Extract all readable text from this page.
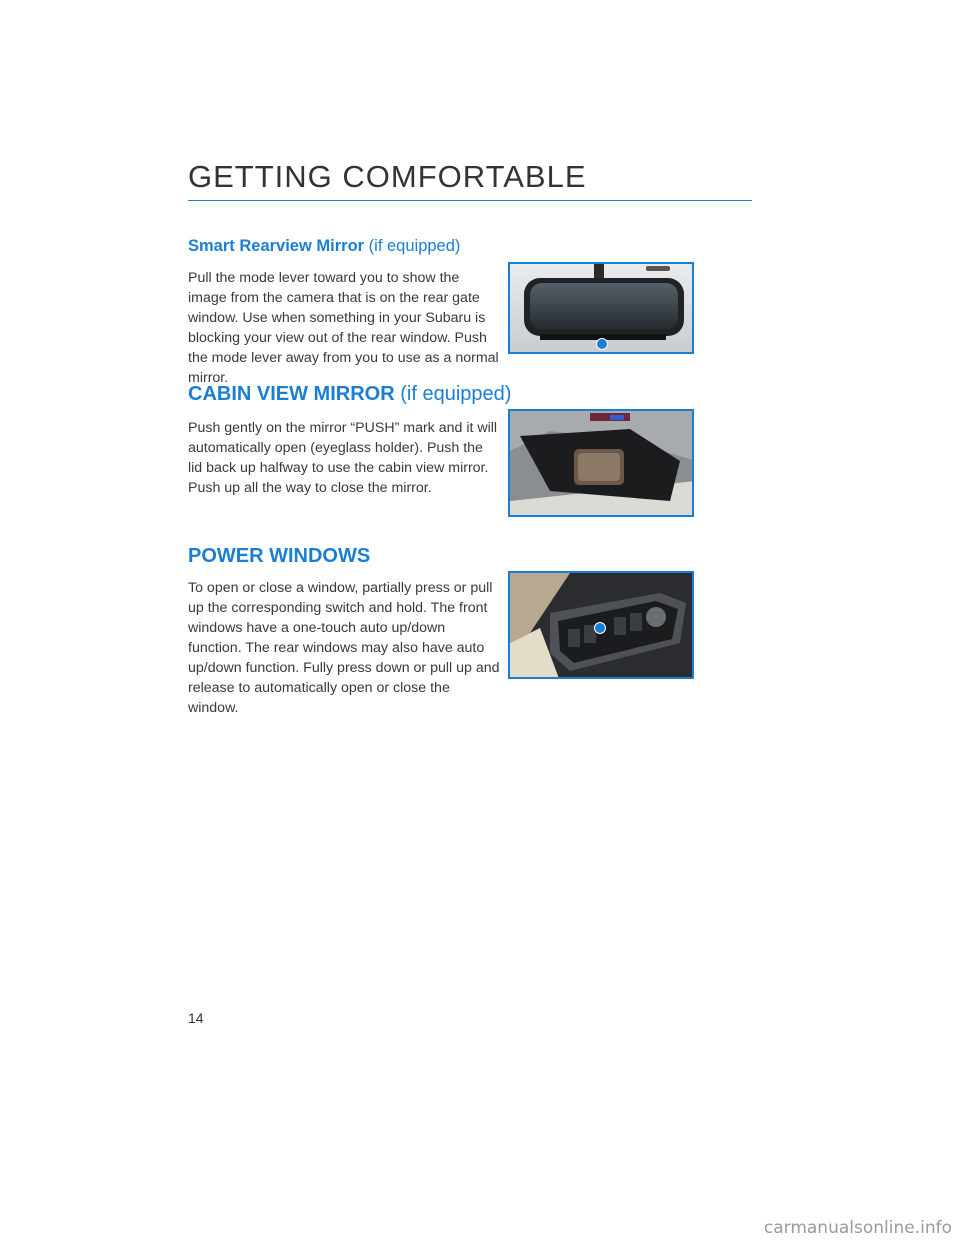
GETTING COMFORTABLE
Smart Rearview Mirror (if equipped)
Pull the mode lever toward you to show the image from the camera that is on the rear gate window. Use when something in your Subaru is blocking your view out of the rear window. Push the mode lever away from you to use as a normal mirror.
CABIN VIEW MIRROR (if equipped)
Push gently on the mirror “PUSH” mark and it will automatically open (eyeglass holder). Push the lid back up halfway to use the cabin view mirror. Push up all the way to close the mirror.
POWER WINDOWS
To open or close a window, partially press or pull up the corresponding switch and hold. The front windows have a one-touch auto up/down function. The rear windows may also have auto up/down function. Fully press down or pull up and release to automatically open or close the window.
14
carmanualsonline.info
